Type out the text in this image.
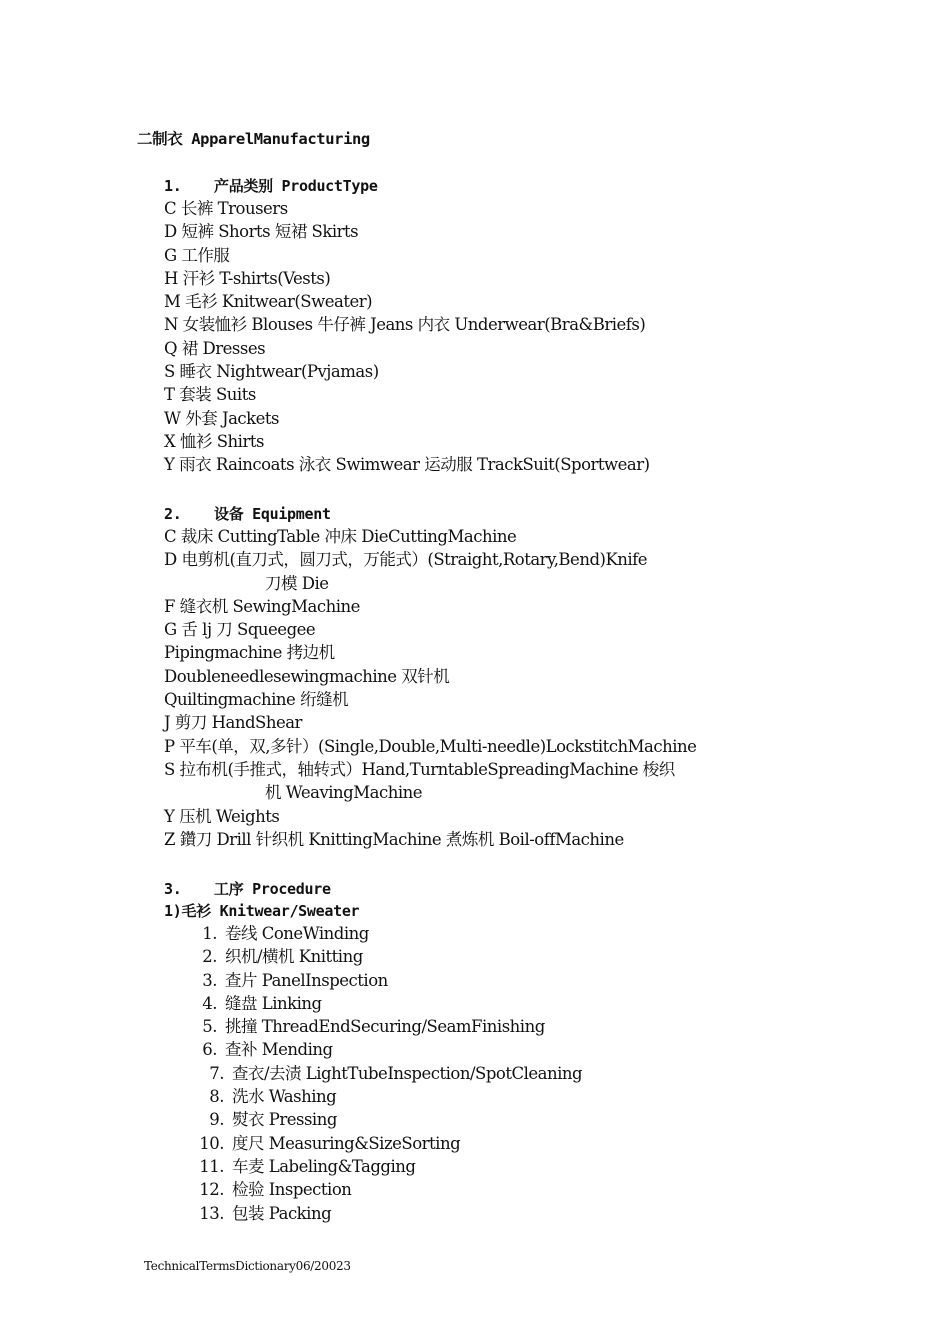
二制衣 ApparelManufacturing
1. 产品类别 ProductType
C 长裤 Trousers
D 短裤 Shorts 短裙 Skirts
G 工作服
H 汗衫 T-shirts(Vests)
M 毛衫 Knitwear(Sweater)
N 女装恤衫 Blouses 牛仔裤 Jeans 内衣 Underwear(Bra&Briefs)
Q 裙 Dresses
S 睡衣 Nightwear(Pvjamas)
T 套装 Suits
W 外套 Jackets
X 恤衫 Shirts
Y 雨衣 Raincoats 泳衣 Swimwear 运动服 TrackSuit(Sportwear)
2. 设备 Equipment
C 裁床 CuttingTable 冲床 DieCuttingMachine
D 电剪机(直刀式，圆刀式，万能式）(Straight,Rotary,Bend)Knife
刀模 Die
F 缝衣机 SewingMachine
G 舌 lj 刀 Squeegee
Pipingmachine 拷边机
Doubleneedlesewingmachine 双针机
Quiltingmachine 绗缝机
J 剪刀 HandShear
P 平车(单，双,多针）(Single,Double,Multi-needle)LockstitchMachine
S 拉布机(手推式，轴转式）Hand,TurntableSpreadingMachine 梭织
机 WeavingMachine
Y 压机 Weights
Z 鑽刀 Drill 针织机 KnittingMachine 煮炼机 Boil-offMachine
3. 工序 Procedure
1)毛衫 Knitwear/Sweater
1. 卷线 ConeWinding
2. 织机/横机 Knitting
3. 查片 PanelInspection
4. 缝盘 Linking
5. 挑撞 ThreadEndSecuring/SeamFinishing
6. 查补 Mending
7. 查衣/去渍 LightTubeInspection/SpotCleaning
8. 洗水 Washing
9. 熨衣 Pressing
10. 度尺 Measuring&SizeSorting
11. 车麦 Labeling&Tagging
12. 检验 Inspection
13. 包装 Packing
TechnicalTermsDictionary06/20023
